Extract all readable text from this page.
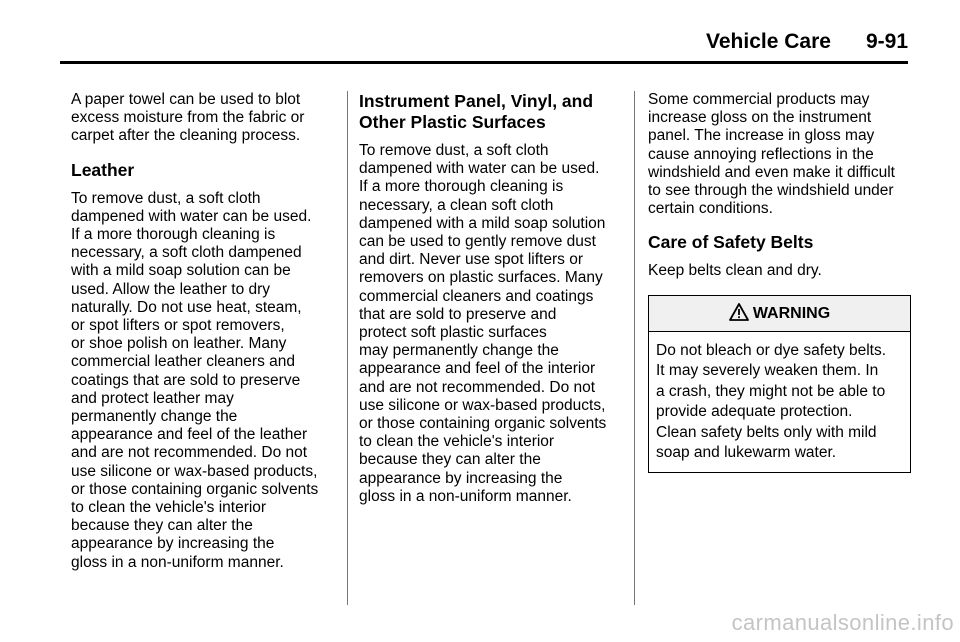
Vehicle Care 9-91

A paper towel can be used to blot
excess moisture from the fabric or
carpet after the cleaning process.

Leather

To remove dust, a soft cloth
dampened with water can be used.
If a more thorough cleaning is
necessary, a soft cloth dampened
with a mild soap solution can be
used. Allow the leather to dry
naturally. Do not use heat, steam,
or spot lifters or spot removers,
or shoe polish on leather. Many
commercial leather cleaners and
coatings that are sold to preserve
and protect leather may
permanently change the
appearance and feel of the leather
and are not recommended. Do not
use silicone or wax-based products,
or those containing organic solvents
to clean the vehicle's interior
because they can alter the
appearance by increasing the
gloss in a non-uniform manner.

Instrument Panel, Vinyl, and
Other Plastic Surfaces

To remove dust, a soft cloth
dampened with water can be used.
If a more thorough cleaning is
necessary, a clean soft cloth
dampened with a mild soap solution
can be used to gently remove dust
and dirt. Never use spot lifters or
removers on plastic surfaces. Many
commercial cleaners and coatings
that are sold to preserve and
protect soft plastic surfaces
may permanently change the
appearance and feel of the interior
and are not recommended. Do not
use silicone or wax-based products,
or those containing organic solvents
to clean the vehicle's interior
because they can alter the
appearance by increasing the
gloss in a non-uniform manner.

Some commercial products may
increase gloss on the instrument
panel. The increase in gloss may
cause annoying reflections in the
windshield and even make it difficult
to see through the windshield under
certain conditions.

Care of Safety Belts

Keep belts clean and dry.

WARNING
Do not bleach or dye safety belts.
It may severely weaken them. In
a crash, they might not be able to
provide adequate protection.
Clean safety belts only with mild
soap and lukewarm water.
carmanualsonline.info
